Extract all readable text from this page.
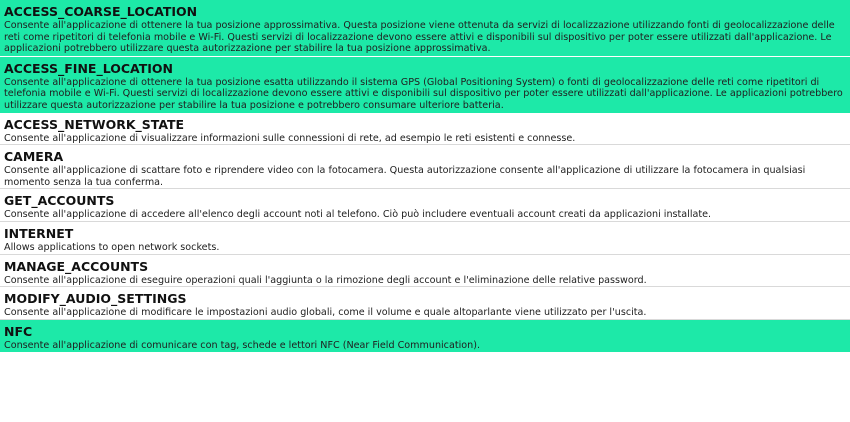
ACCESS_COARSE_LOCATION
Consente all'applicazione di ottenere la tua posizione approssimativa. Questa posizione viene ottenuta da servizi di localizzazione utilizzando fonti di geolocalizzazione delle reti come ripetitori di telefonia mobile e Wi-Fi. Questi servizi di localizzazione devono essere attivi e disponibili sul dispositivo per poter essere utilizzati dall'applicazione. Le applicazioni potrebbero utilizzare questa autorizzazione per stabilire la tua posizione approssimativa.
ACCESS_FINE_LOCATION
Consente all'applicazione di ottenere la tua posizione esatta utilizzando il sistema GPS (Global Positioning System) o fonti di geolocalizzazione delle reti come ripetitori di telefonia mobile e Wi-Fi. Questi servizi di localizzazione devono essere attivi e disponibili sul dispositivo per poter essere utilizzati dall'applicazione. Le applicazioni potrebbero utilizzare questa autorizzazione per stabilire la tua posizione e potrebbero consumare ulteriore batteria.
ACCESS_NETWORK_STATE
Consente all'applicazione di visualizzare informazioni sulle connessioni di rete, ad esempio le reti esistenti e connesse.
CAMERA
Consente all'applicazione di scattare foto e riprendere video con la fotocamera. Questa autorizzazione consente all'applicazione di utilizzare la fotocamera in qualsiasi momento senza la tua conferma.
GET_ACCOUNTS
Consente all'applicazione di accedere all'elenco degli account noti al telefono. Ciò può includere eventuali account creati da applicazioni installate.
INTERNET
Allows applications to open network sockets.
MANAGE_ACCOUNTS
Consente all'applicazione di eseguire operazioni quali l'aggiunta o la rimozione degli account e l'eliminazione delle relative password.
MODIFY_AUDIO_SETTINGS
Consente all'applicazione di modificare le impostazioni audio globali, come il volume e quale altoparlante viene utilizzato per l'uscita.
NFC
Consente all'applicazione di comunicare con tag, schede e lettori NFC (Near Field Communication).
